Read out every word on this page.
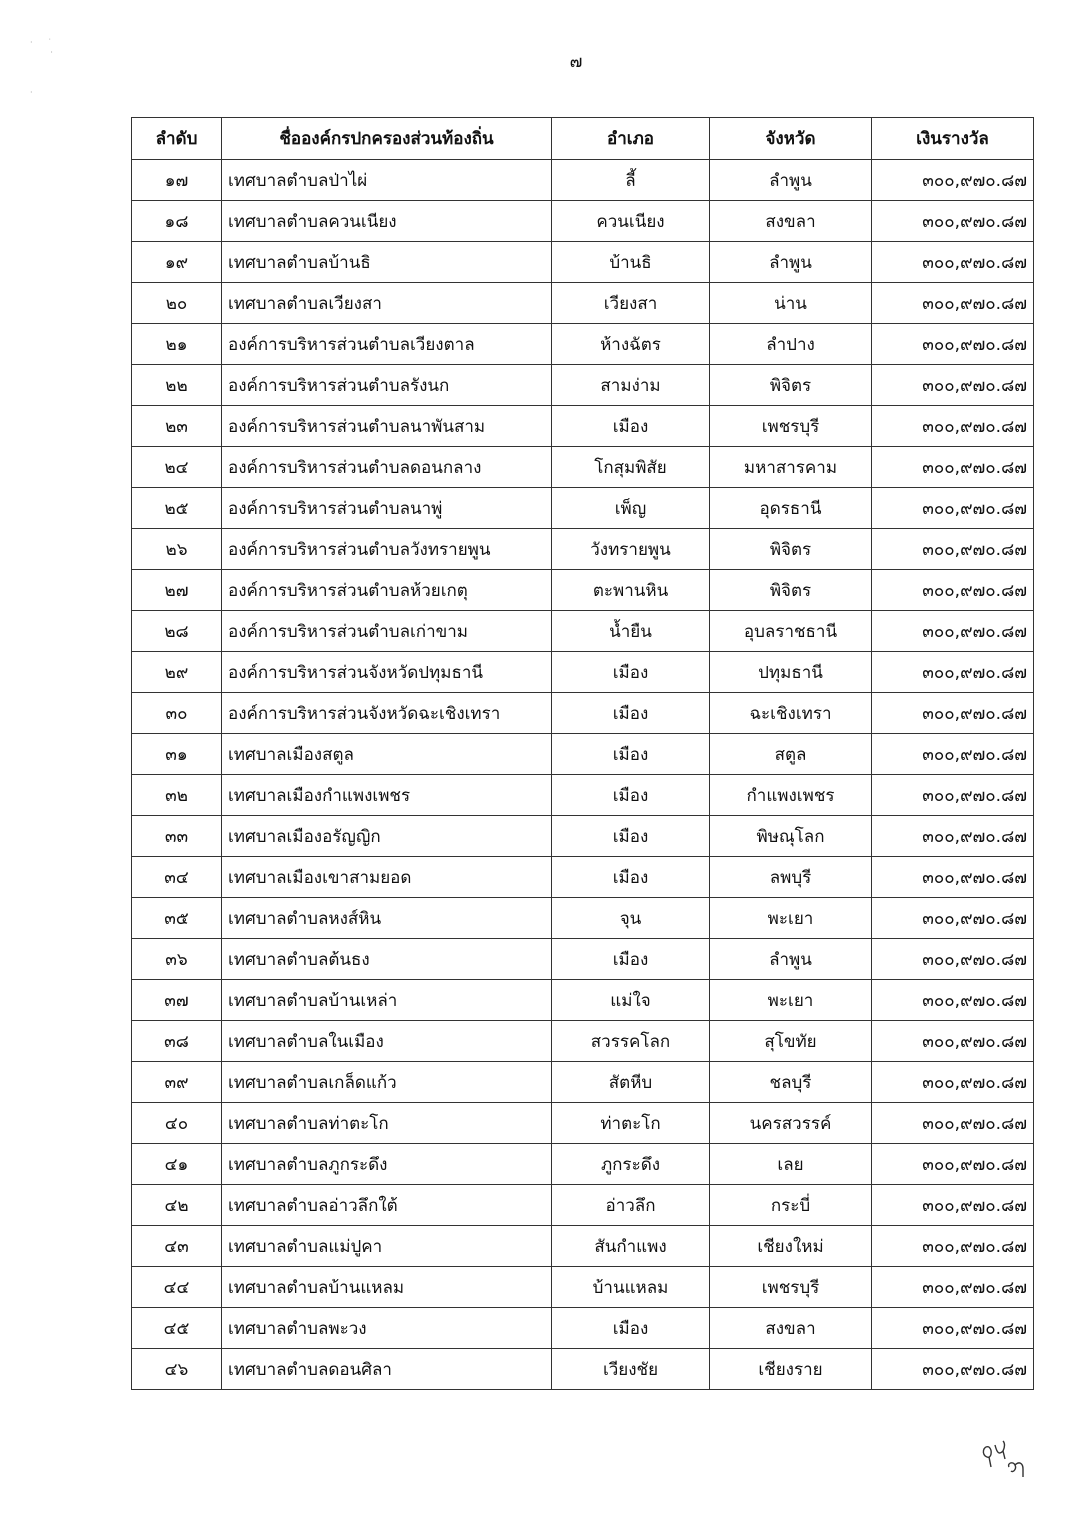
·      ˙
·

·
๗
ลำดับ	ชื่อองค์กรปกครองส่วนท้องถิ่น	อำเภอ	จังหวัด	เงินรางวัล
๑๗	เทศบาลตำบลป่าไผ่	ลี้	ลำพูน	๓๐๐,๙๗๐.๘๗
๑๘	เทศบาลตำบลควนเนียง	ควนเนียง	สงขลา	๓๐๐,๙๗๐.๘๗
๑๙	เทศบาลตำบลบ้านธิ	บ้านธิ	ลำพูน	๓๐๐,๙๗๐.๘๗
๒๐	เทศบาลตำบลเวียงสา	เวียงสา	น่าน	๓๐๐,๙๗๐.๘๗
๒๑	องค์การบริหารส่วนตำบลเวียงตาล	ห้างฉัตร	ลำปาง	๓๐๐,๙๗๐.๘๗
๒๒	องค์การบริหารส่วนตำบลรังนก	สามง่าม	พิจิตร	๓๐๐,๙๗๐.๘๗
๒๓	องค์การบริหารส่วนตำบลนาพันสาม	เมือง	เพชรบุรี	๓๐๐,๙๗๐.๘๗
๒๔	องค์การบริหารส่วนตำบลดอนกลาง	โกสุมพิสัย	มหาสารคาม	๓๐๐,๙๗๐.๘๗
๒๕	องค์การบริหารส่วนตำบลนาพู่	เพ็ญ	อุดรธานี	๓๐๐,๙๗๐.๘๗
๒๖	องค์การบริหารส่วนตำบลวังทรายพูน	วังทรายพูน	พิจิตร	๓๐๐,๙๗๐.๘๗
๒๗	องค์การบริหารส่วนตำบลห้วยเกตุ	ตะพานหิน	พิจิตร	๓๐๐,๙๗๐.๘๗
๒๘	องค์การบริหารส่วนตำบลเก่าขาม	น้ำยืน	อุบลราชธานี	๓๐๐,๙๗๐.๘๗
๒๙	องค์การบริหารส่วนจังหวัดปทุมธานี	เมือง	ปทุมธานี	๓๐๐,๙๗๐.๘๗
๓๐	องค์การบริหารส่วนจังหวัดฉะเชิงเทรา	เมือง	ฉะเชิงเทรา	๓๐๐,๙๗๐.๘๗
๓๑	เทศบาลเมืองสตูล	เมือง	สตูล	๓๐๐,๙๗๐.๘๗
๓๒	เทศบาลเมืองกำแพงเพชร	เมือง	กำแพงเพชร	๓๐๐,๙๗๐.๘๗
๓๓	เทศบาลเมืองอรัญญิก	เมือง	พิษณุโลก	๓๐๐,๙๗๐.๘๗
๓๔	เทศบาลเมืองเขาสามยอด	เมือง	ลพบุรี	๓๐๐,๙๗๐.๘๗
๓๕	เทศบาลตำบลหงส์หิน	จุน	พะเยา	๓๐๐,๙๗๐.๘๗
๓๖	เทศบาลตำบลต้นธง	เมือง	ลำพูน	๓๐๐,๙๗๐.๘๗
๓๗	เทศบาลตำบลบ้านเหล่า	แม่ใจ	พะเยา	๓๐๐,๙๗๐.๘๗
๓๘	เทศบาลตำบลในเมือง	สวรรคโลก	สุโขทัย	๓๐๐,๙๗๐.๘๗
๓๙	เทศบาลตำบลเกล็ดแก้ว	สัตหีบ	ชลบุรี	๓๐๐,๙๗๐.๘๗
๔๐	เทศบาลตำบลท่าตะโก	ท่าตะโก	นครสวรรค์	๓๐๐,๙๗๐.๘๗
๔๑	เทศบาลตำบลภูกระดึง	ภูกระดึง	เลย	๓๐๐,๙๗๐.๘๗
๔๒	เทศบาลตำบลอ่าวลึกใต้	อ่าวลึก	กระบี่	๓๐๐,๙๗๐.๘๗
๔๓	เทศบาลตำบลแม่ปูคา	สันกำแพง	เชียงใหม่	๓๐๐,๙๗๐.๘๗
๔๔	เทศบาลตำบลบ้านแหลม	บ้านแหลม	เพชรบุรี	๓๐๐,๙๗๐.๘๗
๔๕	เทศบาลตำบลพะวง	เมือง	สงขลา	๓๐๐,๙๗๐.๘๗
๔๖	เทศบาลตำบลดอนศิลา	เวียงชัย	เชียงราย	๓๐๐,๙๗๐.๘๗
